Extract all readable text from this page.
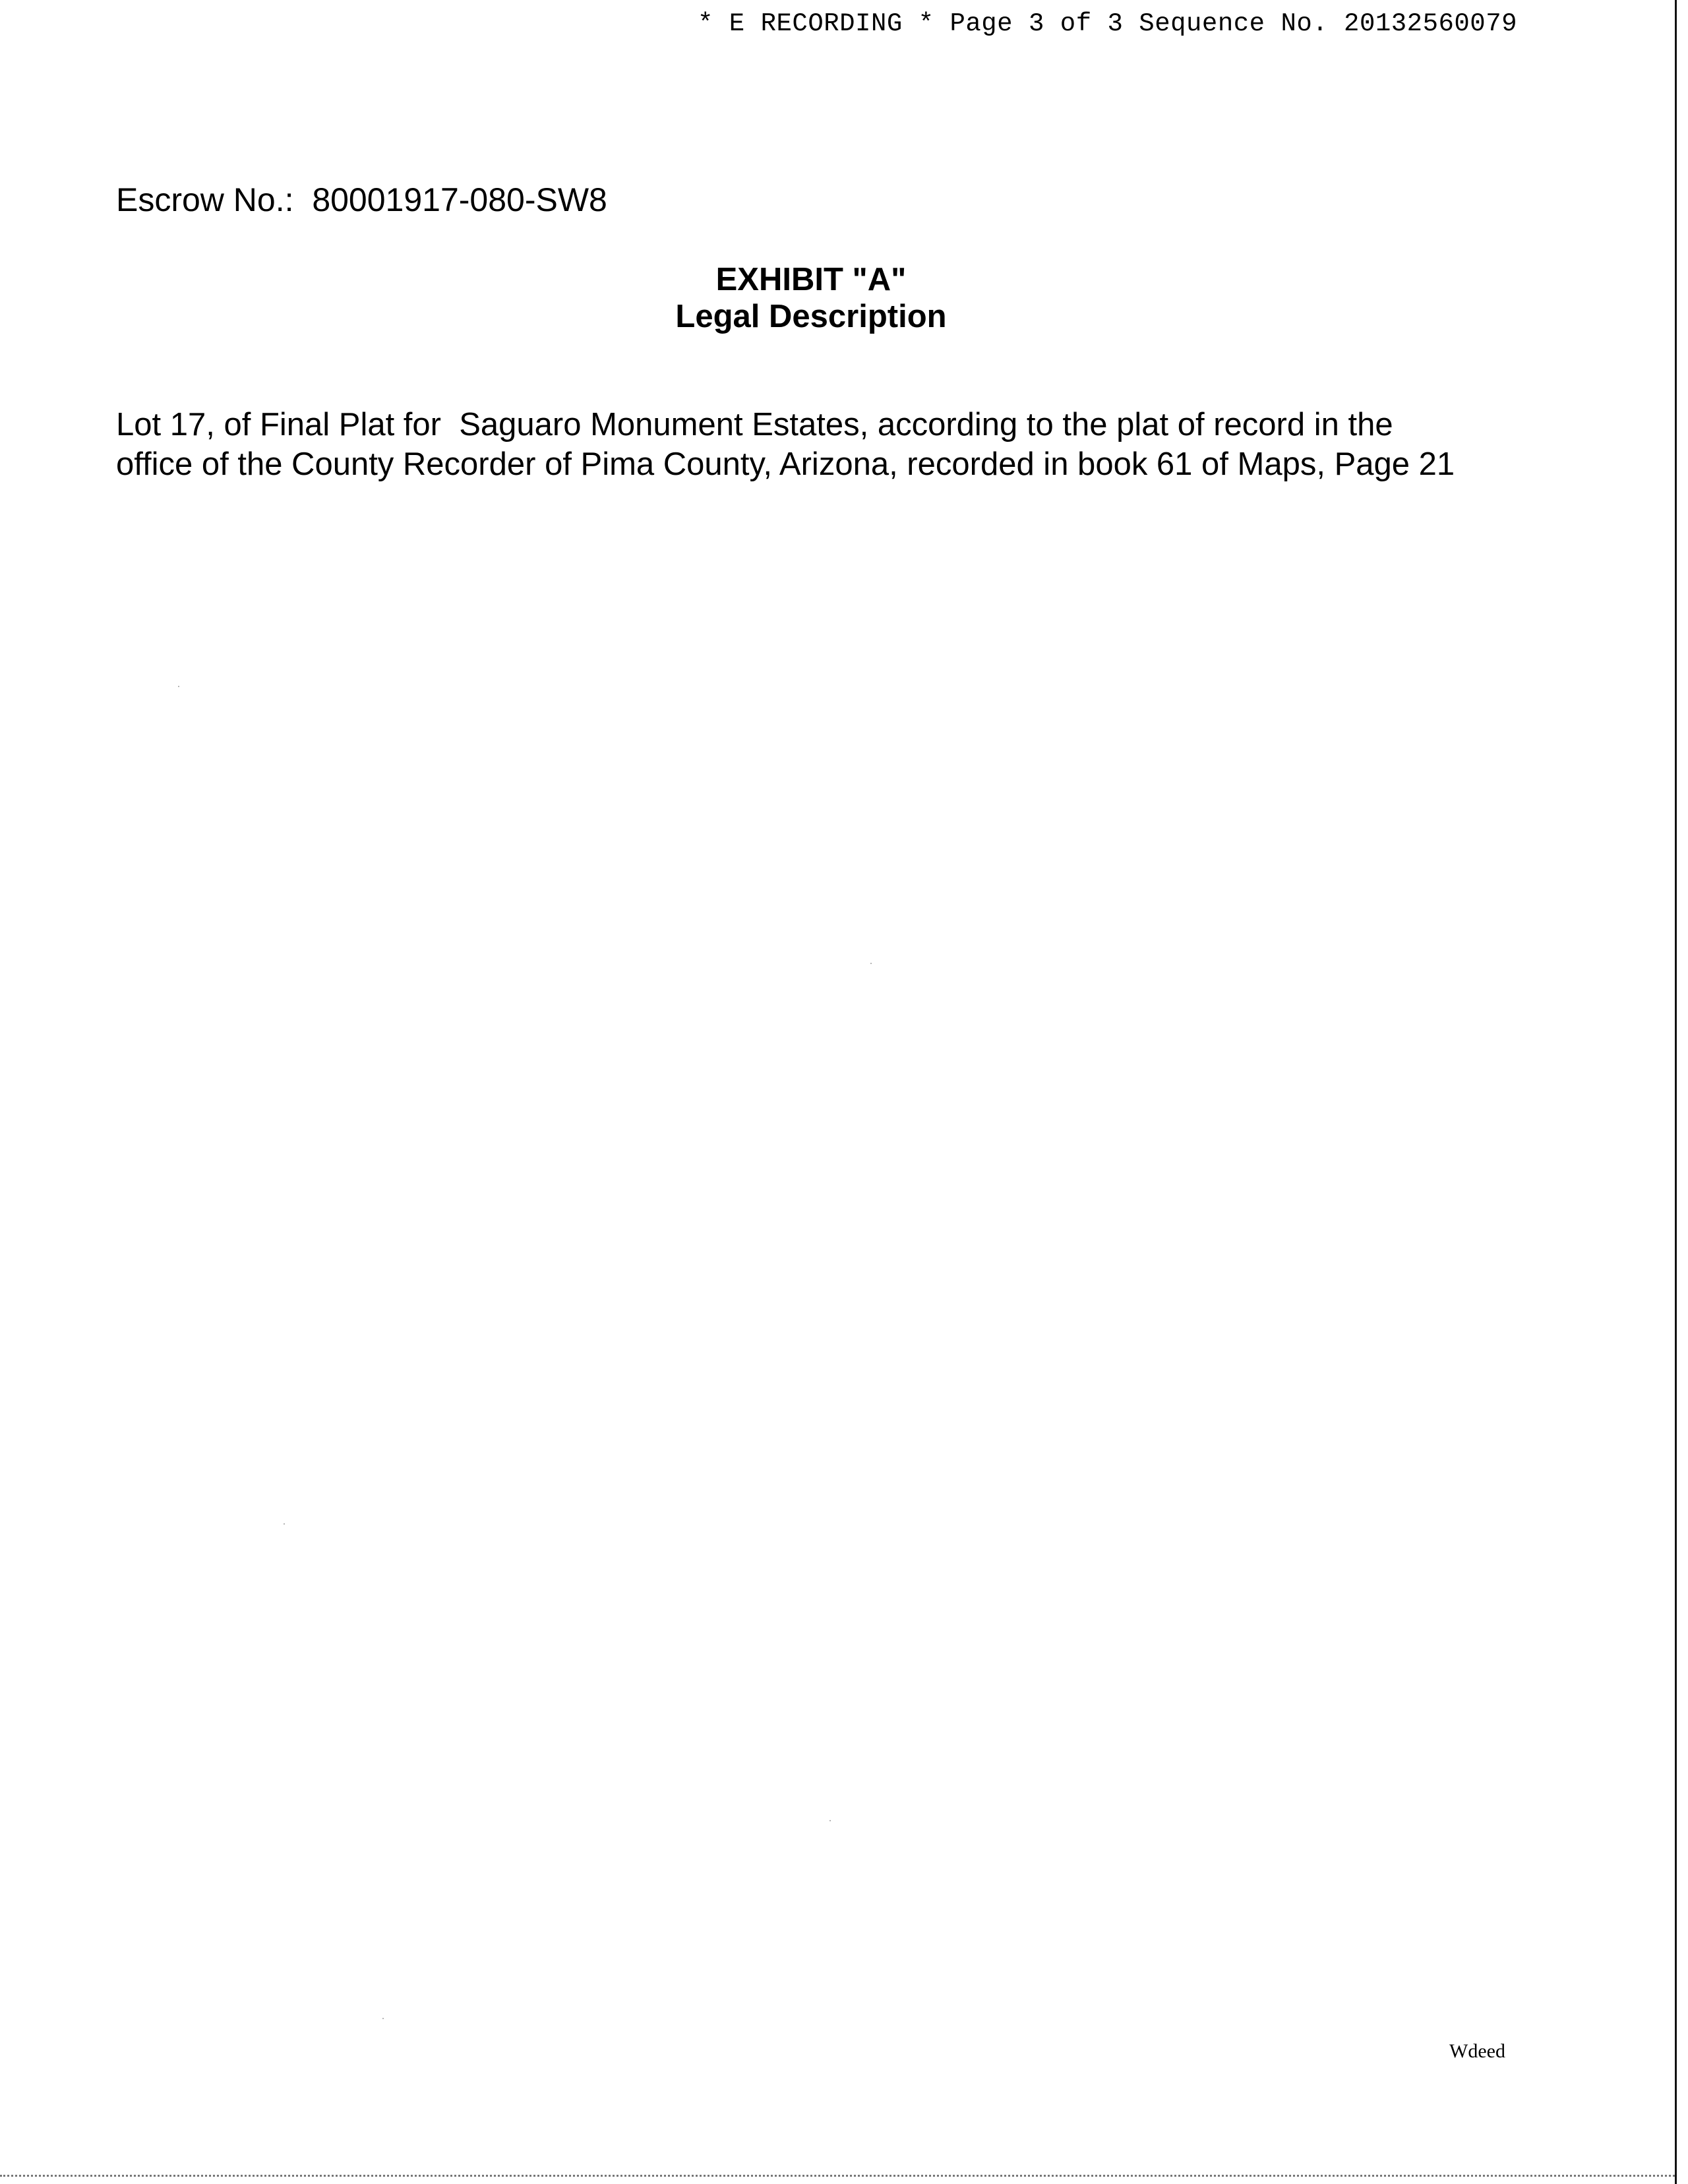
* E RECORDING * Page 3 of 3 Sequence No. 20132560079
Escrow No.: 80001917-080-SW8
EXHIBIT "A"
Legal Description
Lot 17, of Final Plat for  Saguaro Monument Estates, according to the plat of record in the
office of the County Recorder of Pima County, Arizona, recorded in book 61 of Maps, Page 21
Wdeed
